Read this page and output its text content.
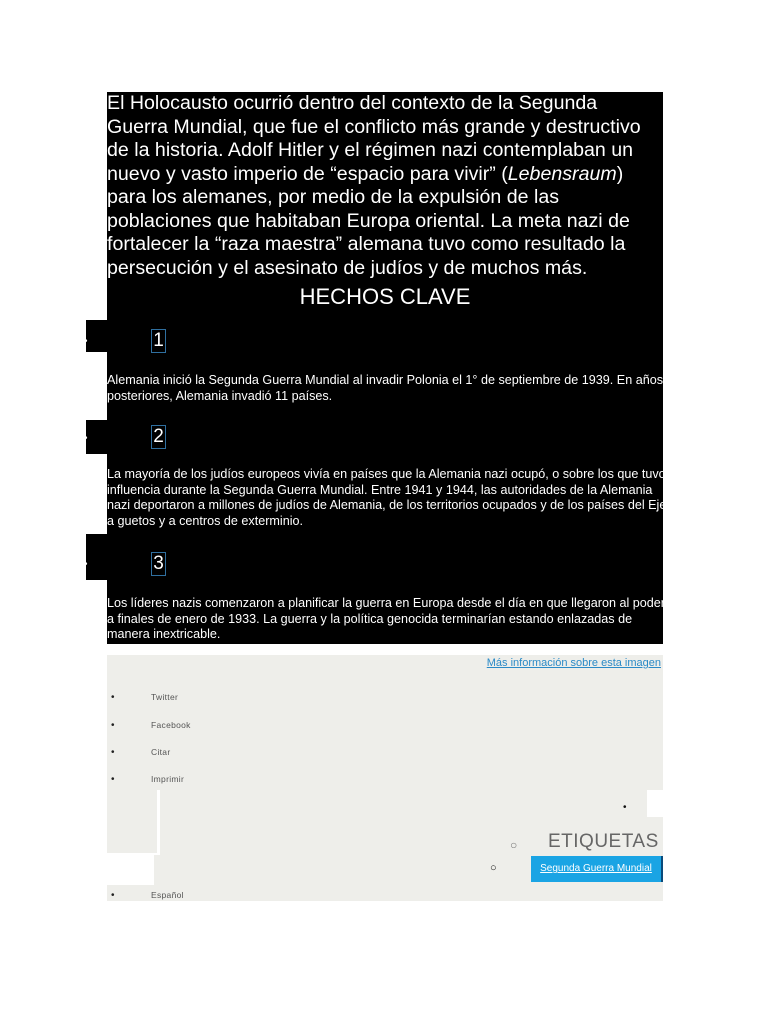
El Holocausto ocurrió dentro del contexto de la Segunda Guerra Mundial, que fue el conflicto más grande y destructivo de la historia. Adolf Hitler y el régimen nazi contemplaban un nuevo y vasto imperio de “espacio para vivir” (Lebensraum) para los alemanes, por medio de la expulsión de las poblaciones que habitaban Europa oriental. La meta nazi de fortalecer la “raza maestra” alemana tuvo como resultado la persecución y el asesinato de judíos y de muchos más.

HECHOS CLAVE
•	1

Alemania inició la Segunda Guerra Mundial al invadir Polonia el 1° de septiembre de 1939. En años posteriores, Alemania invadió 11 países.

•	2

La mayoría de los judíos europeos vivía en países que la Alemania nazi ocupó, o sobre los que tuvo influencia durante la Segunda Guerra Mundial. Entre 1941 y 1944, las autoridades de la Alemania nazi deportaron a millones de judíos de Alemania, de los territorios ocupados y de los países del Eje a guetos y a centros de exterminio.

•	3

Los líderes nazis comenzaron a planificar la guerra en Europa desde el día en que llegaron al poder a finales de enero de 1933. La guerra y la política genocida terminarían estando enlazadas de manera inextricable.

Más información sobre esta imagen
•	Twitter
•	Facebook
•	Citar
•	Imprimir
•
○ ETIQUETAS
○	Segunda Guerra Mundial
•	Español
